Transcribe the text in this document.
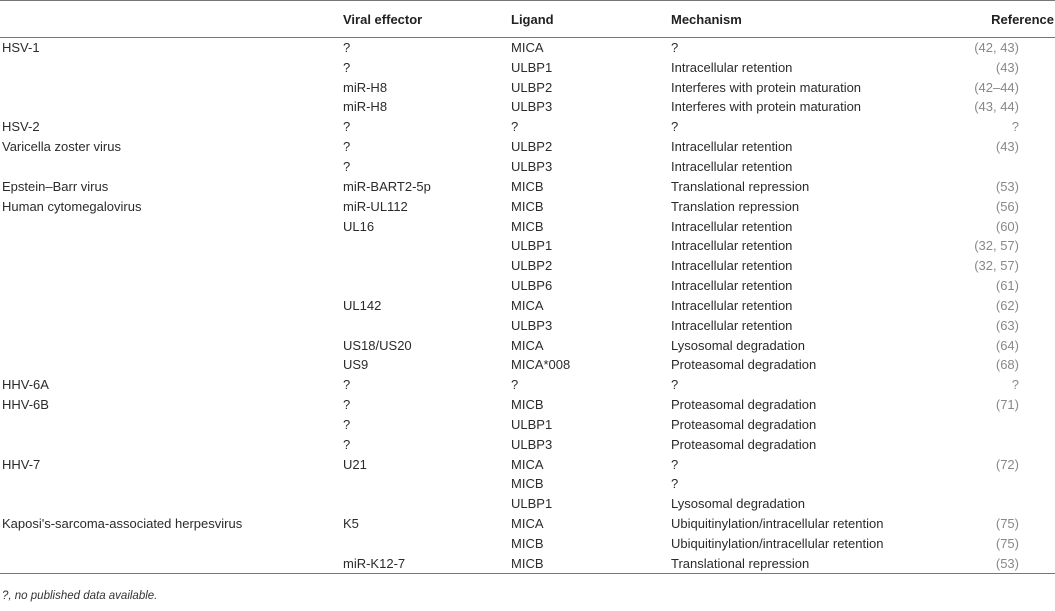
	Viral effector	Ligand	Mechanism	Reference
HSV-1	?	MICA	?	(42, 43)
	?	ULBP1	Intracellular retention	(43)
	miR-H8	ULBP2	Interferes with protein maturation	(42–44)
	miR-H8	ULBP3	Interferes with protein maturation	(43, 44)
HSV-2	?	?	?	?
Varicella zoster virus	?	ULBP2	Intracellular retention	(43)
	?	ULBP3	Intracellular retention	
Epstein–Barr virus	miR-BART2-5p	MICB	Translational repression	(53)
Human cytomegalovirus	miR-UL112	MICB	Translation repression	(56)
	UL16	MICB	Intracellular retention	(60)
		ULBP1	Intracellular retention	(32, 57)
		ULBP2	Intracellular retention	(32, 57)
		ULBP6	Intracellular retention	(61)
	UL142	MICA	Intracellular retention	(62)
		ULBP3	Intracellular retention	(63)
	US18/US20	MICA	Lysosomal degradation	(64)
	US9	MICA*008	Proteasomal degradation	(68)
HHV-6A	?	?	?	?
HHV-6B	?	MICB	Proteasomal degradation	(71)
	?	ULBP1	Proteasomal degradation	
	?	ULBP3	Proteasomal degradation	
HHV-7	U21	MICA	?	(72)
		MICB	?	
		ULBP1	Lysosomal degradation	
Kaposi's-sarcoma-associated herpesvirus	K5	MICA	Ubiquitinylation/intracellular retention	(75)
		MICB	Ubiquitinylation/intracellular retention	(75)
	miR-K12-7	MICB	Translational repression	(53)
?, no published data available.
